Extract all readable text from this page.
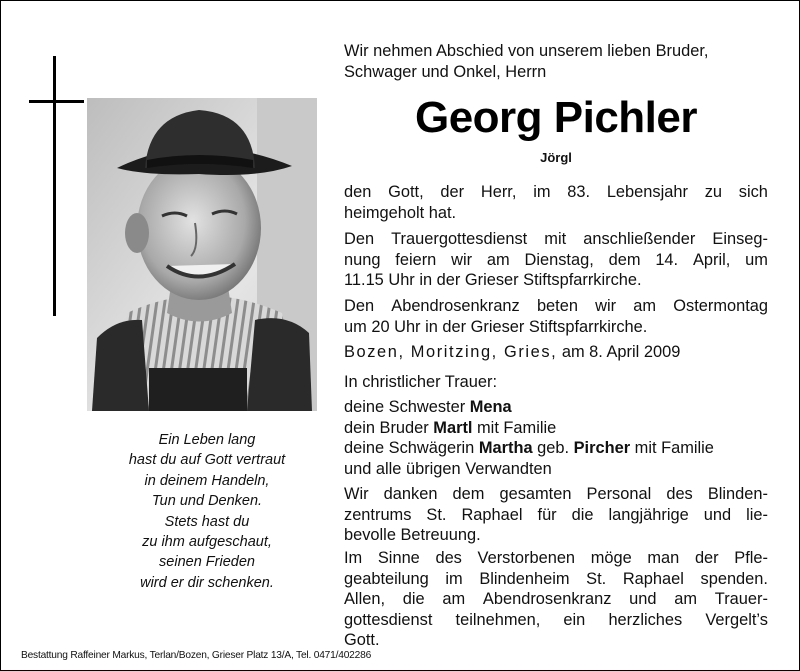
Ein Leben lang
hast du auf Gott vertraut
in deinem Handeln,
Tun und Denken.
Stets hast du
zu ihm aufgeschaut,
seinen Frieden
wird er dir schenken.
Wir nehmen Abschied von unserem lieben Bruder,
Schwager und Onkel, Herrn
Georg Pichler
Jörgl
den Gott, der Herr, im 83. Lebensjahr zu sich
heimgeholt hat.
Den Trauergottesdienst mit anschließender Einseg-
nung feiern wir am Dienstag, dem 14. April, um
11.15 Uhr in der Grieser Stiftspfarrkirche.
Den Abendrosenkranz beten wir am Ostermontag
um 20 Uhr in der Grieser Stiftspfarrkirche.
Bozen, Moritzing, Gries, am 8. April 2009
In christlicher Trauer:
deine Schwester Mena
dein Bruder Martl mit Familie
deine Schwägerin Martha geb. Pircher mit Familie
und alle übrigen Verwandten
Wir danken dem gesamten Personal des Blinden-
zentrums St. Raphael für die langjährige und lie-
bevolle Betreuung.
Im Sinne des Verstorbenen möge man der Pfle-
geabteilung im Blindenheim St. Raphael spenden.
Allen, die am Abendrosenkranz und am Trauer-
gottesdienst teilnehmen, ein herzliches Vergelt’s
Gott.
Bestattung Raffeiner Markus, Terlan/Bozen, Grieser Platz 13/A, Tel. 0471/402286
